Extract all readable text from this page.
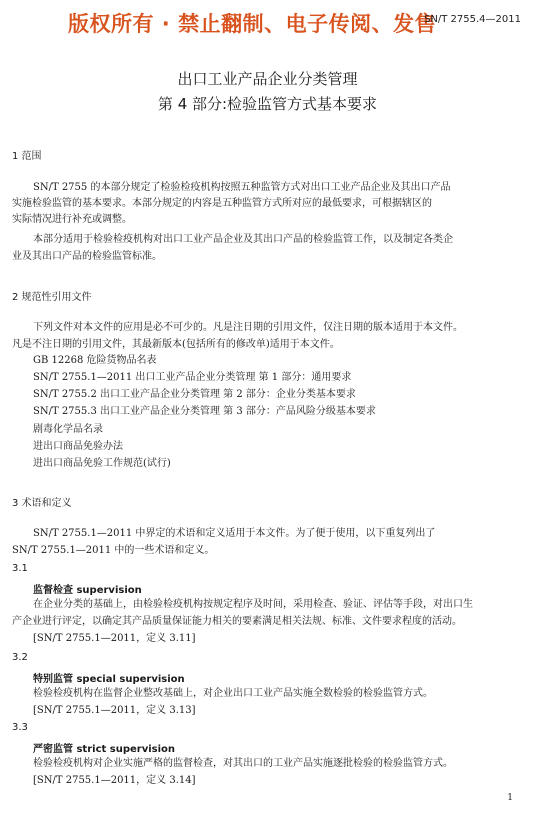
版权所有 · 禁止翻制、电子传阅、发售
SN/T 2755.4—2011
出口工业产品企业分类管理
第 4 部分:检验监管方式基本要求
1 范围
SN/T 2755 的本部分规定了检验检疫机构按照五种监管方式对出口工业产品企业及其出口产品
实施检验监管的基本要求。本部分规定的内容是五种监管方式所对应的最低要求，可根据辖区的
实际情况进行补充或调整。
本部分适用于检验检疫机构对出口工业产品企业及其出口产品的检验监管工作，以及制定各类企
业及其出口产品的检验监管标准。
2 规范性引用文件
下列文件对本文件的应用是必不可少的。凡是注日期的引用文件，仅注日期的版本适用于本文件。
凡是不注日期的引用文件，其最新版本(包括所有的修改单)适用于本文件。
GB 12268 危险货物品名表
SN/T 2755.1—2011 出口工业产品企业分类管理 第 1 部分：通用要求
SN/T 2755.2 出口工业产品企业分类管理 第 2 部分：企业分类基本要求
SN/T 2755.3 出口工业产品企业分类管理 第 3 部分：产品风险分级基本要求
剧毒化学品名录
进出口商品免验办法
进出口商品免验工作规范(试行)
3 术语和定义
SN/T 2755.1—2011 中界定的术语和定义适用于本文件。为了便于使用，以下重复列出了
SN/T 2755.1—2011 中的一些术语和定义。
3.1
监督检查 supervision
在企业分类的基础上，由检验检疫机构按规定程序及时间，采用检查、验证、评估等手段，对出口生
产企业进行评定，以确定其产品质量保证能力相关的要素满足相关法规、标准、文件要求程度的活动。
[SN/T 2755.1—2011，定义 3.11]
3.2
特别监管 special supervision
检验检疫机构在监督企业整改基础上，对企业出口工业产品实施全数检验的检验监管方式。
[SN/T 2755.1—2011，定义 3.13]
3.3
严密监管 strict supervision
检验检疫机构对企业实施严格的监督检查，对其出口的工业产品实施逐批检验的检验监管方式。
[SN/T 2755.1—2011，定义 3.14]
1
